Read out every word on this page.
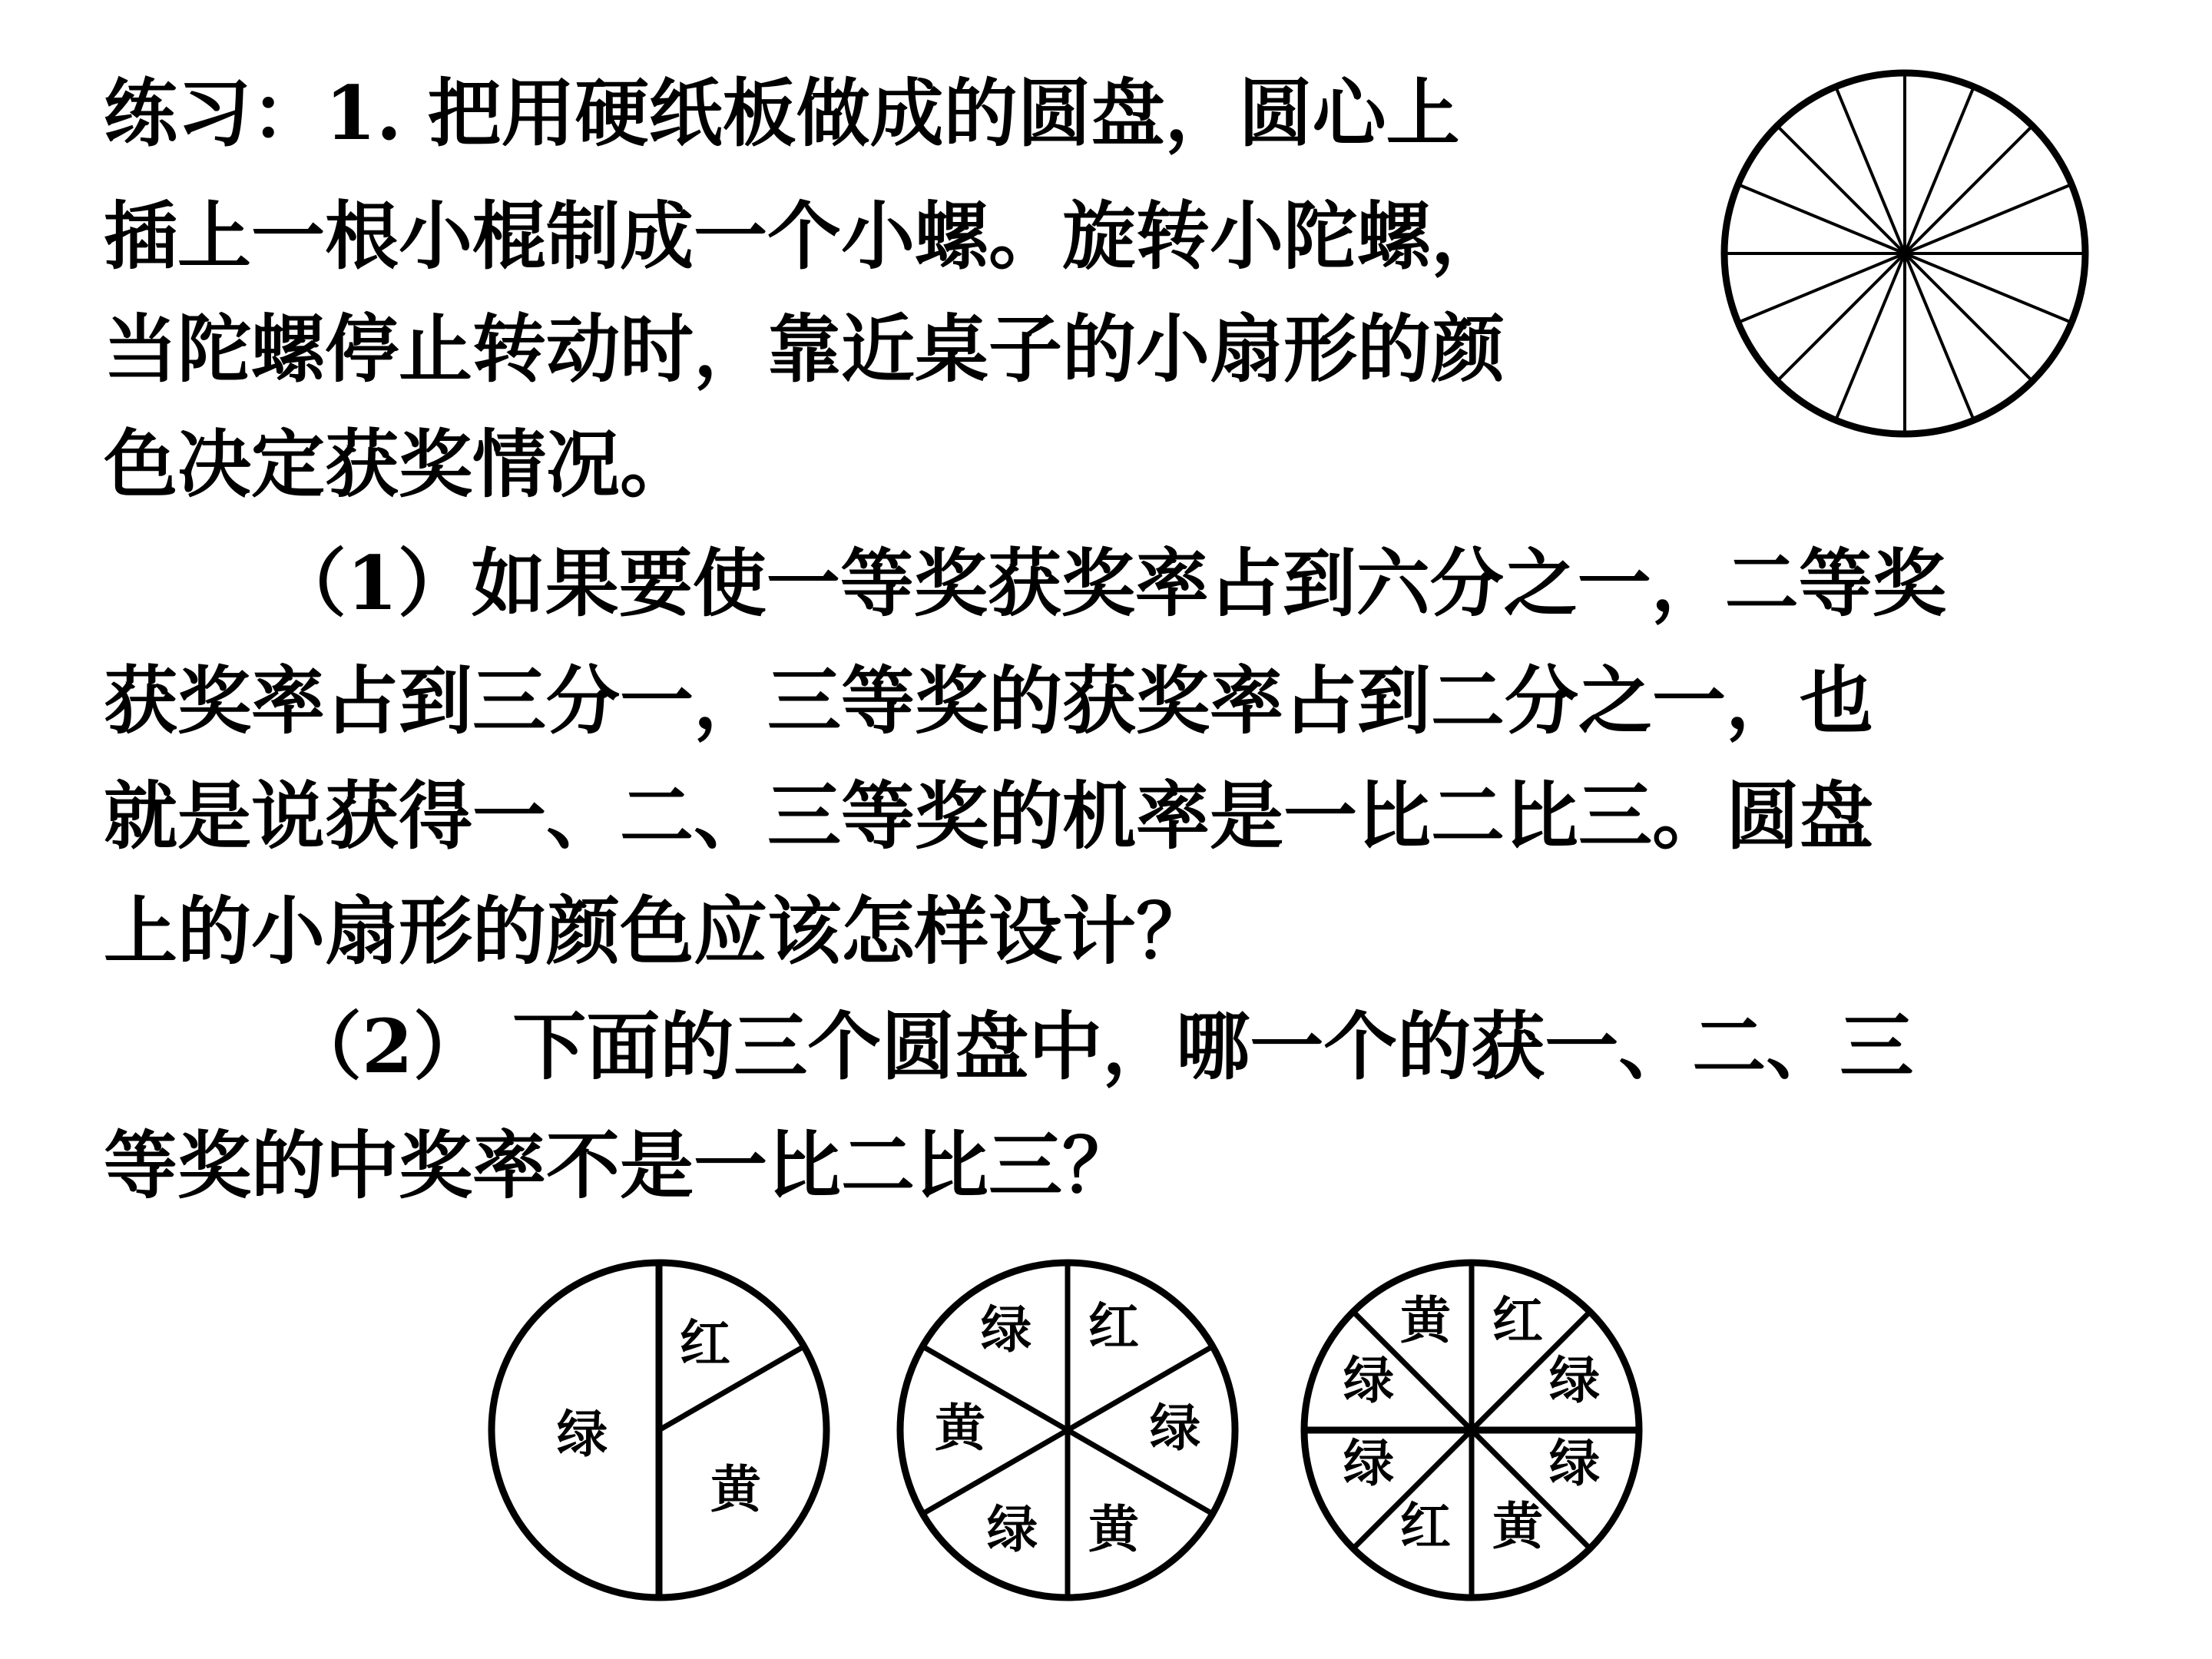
练习：1. 把用硬纸板做成的圆盘，圆心上

插上一根小棍制成一个小螺。旋转小陀螺，

当陀螺停止转动时，靠近桌子的小扇形的颜

色决定获奖情况。

（1）如果要使一等奖获奖率占到六分之一，二等奖

获奖率占到三分一，三等奖的获奖率占到二分之一，也

就是说获得一、二、三等奖的机率是一比二比三。圆盘

上的小扇形的颜色应该怎样设计？

（2） 下面的三个圆盘中，哪一个的获一、二、三

等奖的中奖率不是一比二比三？

红
绿
黄
绿 红
黄	绿
绿 黄
黄 红
绿	绿
绿	绿
红 黄
